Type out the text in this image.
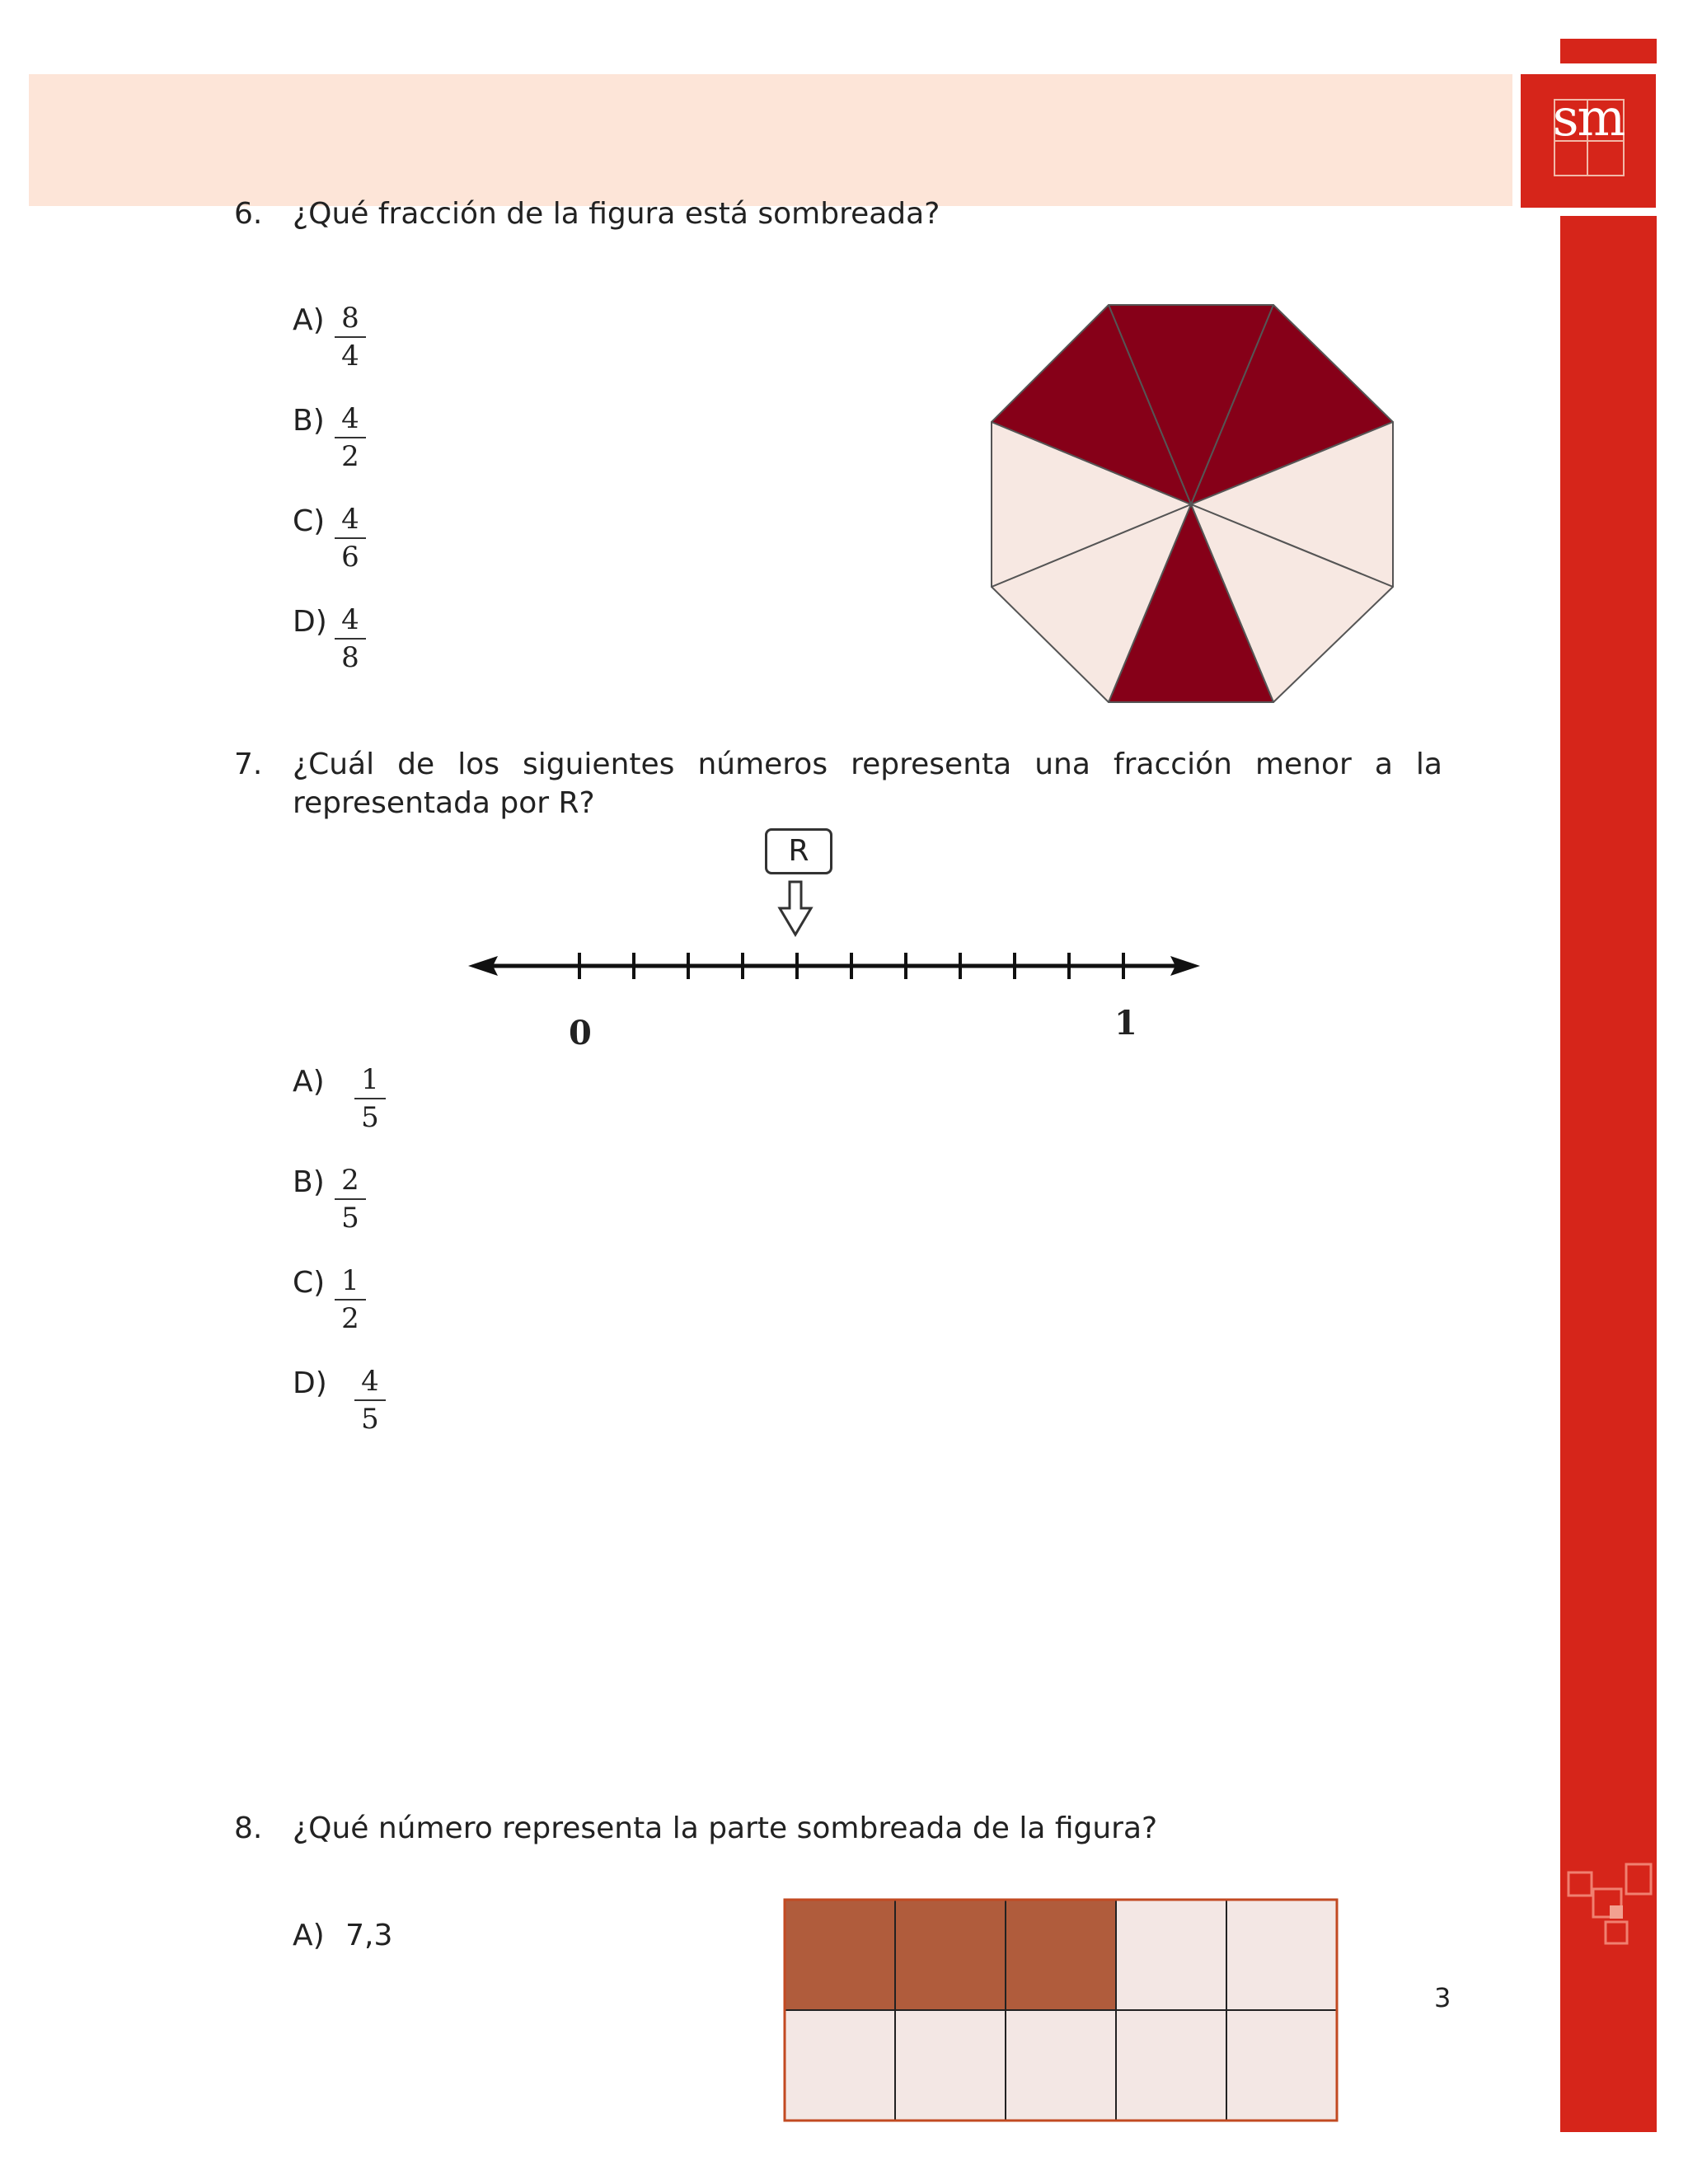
sm
6. ¿Qué fracción de la figura está sombreada?
A) 8
4
B) 4
2
C) 4
6
D) 4
8
7. ¿Cuál de los siguientes números representa una fracción menor a la
representada por R?
R
0	1
A) 1
5
B) 2
5
C) 1
2
D) 4
5
8. ¿Qué número representa la parte sombreada de la figura?
A) 7,3
3
